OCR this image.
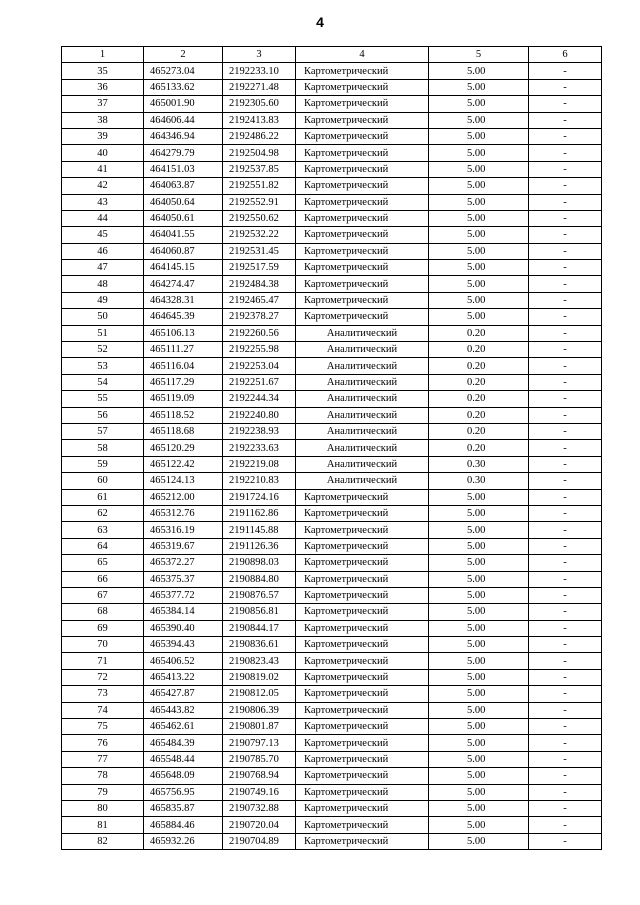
4
1	2	3	4	5	6
35	465273.04	2192233.10	Картометрический	5.00	-
36	465133.62	2192271.48	Картометрический	5.00	-
37	465001.90	2192305.60	Картометрический	5.00	-
38	464606.44	2192413.83	Картометрический	5.00	-
39	464346.94	2192486.22	Картометрический	5.00	-
40	464279.79	2192504.98	Картометрический	5.00	-
41	464151.03	2192537.85	Картометрический	5.00	-
42	464063.87	2192551.82	Картометрический	5.00	-
43	464050.64	2192552.91	Картометрический	5.00	-
44	464050.61	2192550.62	Картометрический	5.00	-
45	464041.55	2192532.22	Картометрический	5.00	-
46	464060.87	2192531.45	Картометрический	5.00	-
47	464145.15	2192517.59	Картометрический	5.00	-
48	464274.47	2192484.38	Картометрический	5.00	-
49	464328.31	2192465.47	Картометрический	5.00	-
50	464645.39	2192378.27	Картометрический	5.00	-
51	465106.13	2192260.56	Аналитический	0.20	-
52	465111.27	2192255.98	Аналитический	0.20	-
53	465116.04	2192253.04	Аналитический	0.20	-
54	465117.29	2192251.67	Аналитический	0.20	-
55	465119.09	2192244.34	Аналитический	0.20	-
56	465118.52	2192240.80	Аналитический	0.20	-
57	465118.68	2192238.93	Аналитический	0.20	-
58	465120.29	2192233.63	Аналитический	0.20	-
59	465122.42	2192219.08	Аналитический	0.30	-
60	465124.13	2192210.83	Аналитический	0.30	-
61	465212.00	2191724.16	Картометрический	5.00	-
62	465312.76	2191162.86	Картометрический	5.00	-
63	465316.19	2191145.88	Картометрический	5.00	-
64	465319.67	2191126.36	Картометрический	5.00	-
65	465372.27	2190898.03	Картометрический	5.00	-
66	465375.37	2190884.80	Картометрический	5.00	-
67	465377.72	2190876.57	Картометрический	5.00	-
68	465384.14	2190856.81	Картометрический	5.00	-
69	465390.40	2190844.17	Картометрический	5.00	-
70	465394.43	2190836.61	Картометрический	5.00	-
71	465406.52	2190823.43	Картометрический	5.00	-
72	465413.22	2190819.02	Картометрический	5.00	-
73	465427.87	2190812.05	Картометрический	5.00	-
74	465443.82	2190806.39	Картометрический	5.00	-
75	465462.61	2190801.87	Картометрический	5.00	-
76	465484.39	2190797.13	Картометрический	5.00	-
77	465548.44	2190785.70	Картометрический	5.00	-
78	465648.09	2190768.94	Картометрический	5.00	-
79	465756.95	2190749.16	Картометрический	5.00	-
80	465835.87	2190732.88	Картометрический	5.00	-
81	465884.46	2190720.04	Картометрический	5.00	-
82	465932.26	2190704.89	Картометрический	5.00	-
